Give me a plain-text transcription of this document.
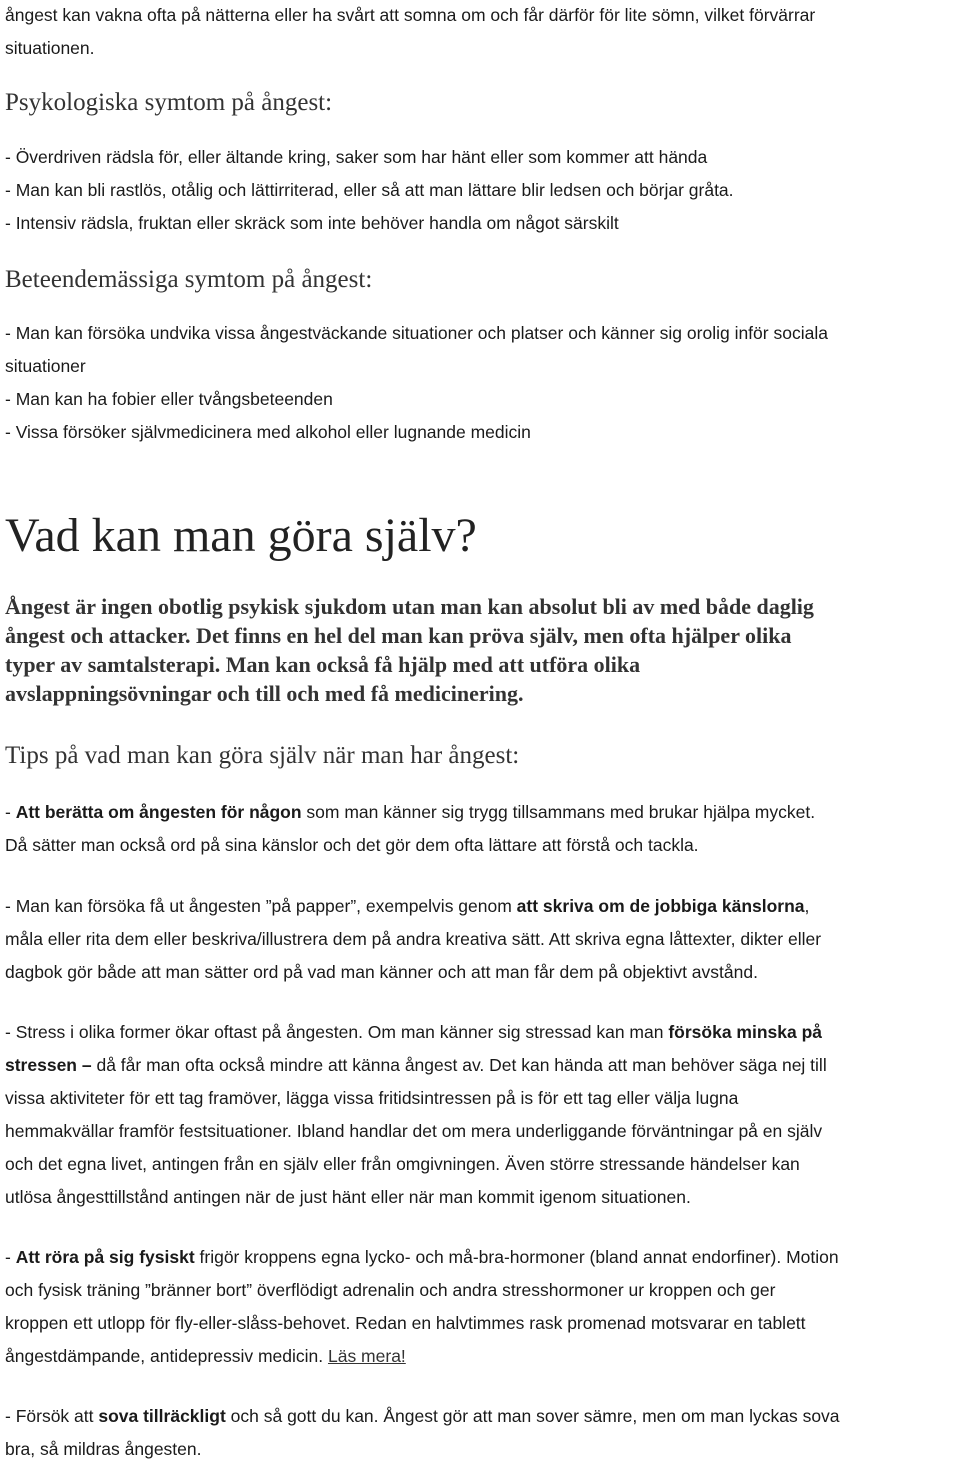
ångest kan vakna ofta på nätterna eller ha svårt att somna om och får därför för lite sömn, vilket förvärrar

situationen.

Psykologiska symtom på ångest:

- Överdriven rädsla för, eller ältande kring, saker som har hänt eller som kommer att hända

- Man kan bli rastlös, otålig och lättirriterad, eller så att man lättare blir ledsen och börjar gråta.

- Intensiv rädsla, fruktan eller skräck som inte behöver handla om något särskilt

Beteendemässiga symtom på ångest:

- Man kan försöka undvika vissa ångestväckande situationer och platser och känner sig orolig inför sociala

situationer

- Man kan ha fobier eller tvångsbeteenden

- Vissa försöker självmedicinera med alkohol eller lugnande medicin

Vad kan man göra själv?

Ångest är ingen obotlig psykisk sjukdom utan man kan absolut bli av med både daglig

ångest och attacker. Det finns en hel del man kan pröva själv, men ofta hjälper olika

typer av samtalsterapi. Man kan också få hjälp med att utföra olika

avslappningsövningar och till och med få medicinering.

Tips på vad man kan göra själv när man har ångest:

- Att berätta om ångesten för någon som man känner sig trygg tillsammans med brukar hjälpa mycket.

Då sätter man också ord på sina känslor och det gör dem ofta lättare att förstå och tackla.

- Man kan försöka få ut ångesten ”på papper”, exempelvis genom att skriva om de jobbiga känslorna,

måla eller rita dem eller beskriva/illustrera dem på andra kreativa sätt. Att skriva egna låttexter, dikter eller

dagbok gör både att man sätter ord på vad man känner och att man får dem på objektivt avstånd.

- Stress i olika former ökar oftast på ångesten. Om man känner sig stressad kan man försöka minska på

stressen – då får man ofta också mindre att känna ångest av. Det kan hända att man behöver säga nej till

vissa aktiviteter för ett tag framöver, lägga vissa fritidsintressen på is för ett tag eller välja lugna

hemmakvällar framför festsituationer. Ibland handlar det om mera underliggande förväntningar på en själv

och det egna livet, antingen från en själv eller från omgivningen. Även större stressande händelser kan

utlösa ångesttillstånd antingen när de just hänt eller när man kommit igenom situationen.

- Att röra på sig fysiskt frigör kroppens egna lycko- och må-bra-hormoner (bland annat endorfiner). Motion

och fysisk träning ”bränner bort” överflödigt adrenalin och andra stresshormoner ur kroppen och ger

kroppen ett utlopp för fly-eller-slåss-behovet. Redan en halvtimmes rask promenad motsvarar en tablett

ångestdämpande, antidepressiv medicin. Läs mera!

- Försök att sova tillräckligt och så gott du kan. Ångest gör att man sover sämre, men om man lyckas sova

bra, så mildras ångesten.
